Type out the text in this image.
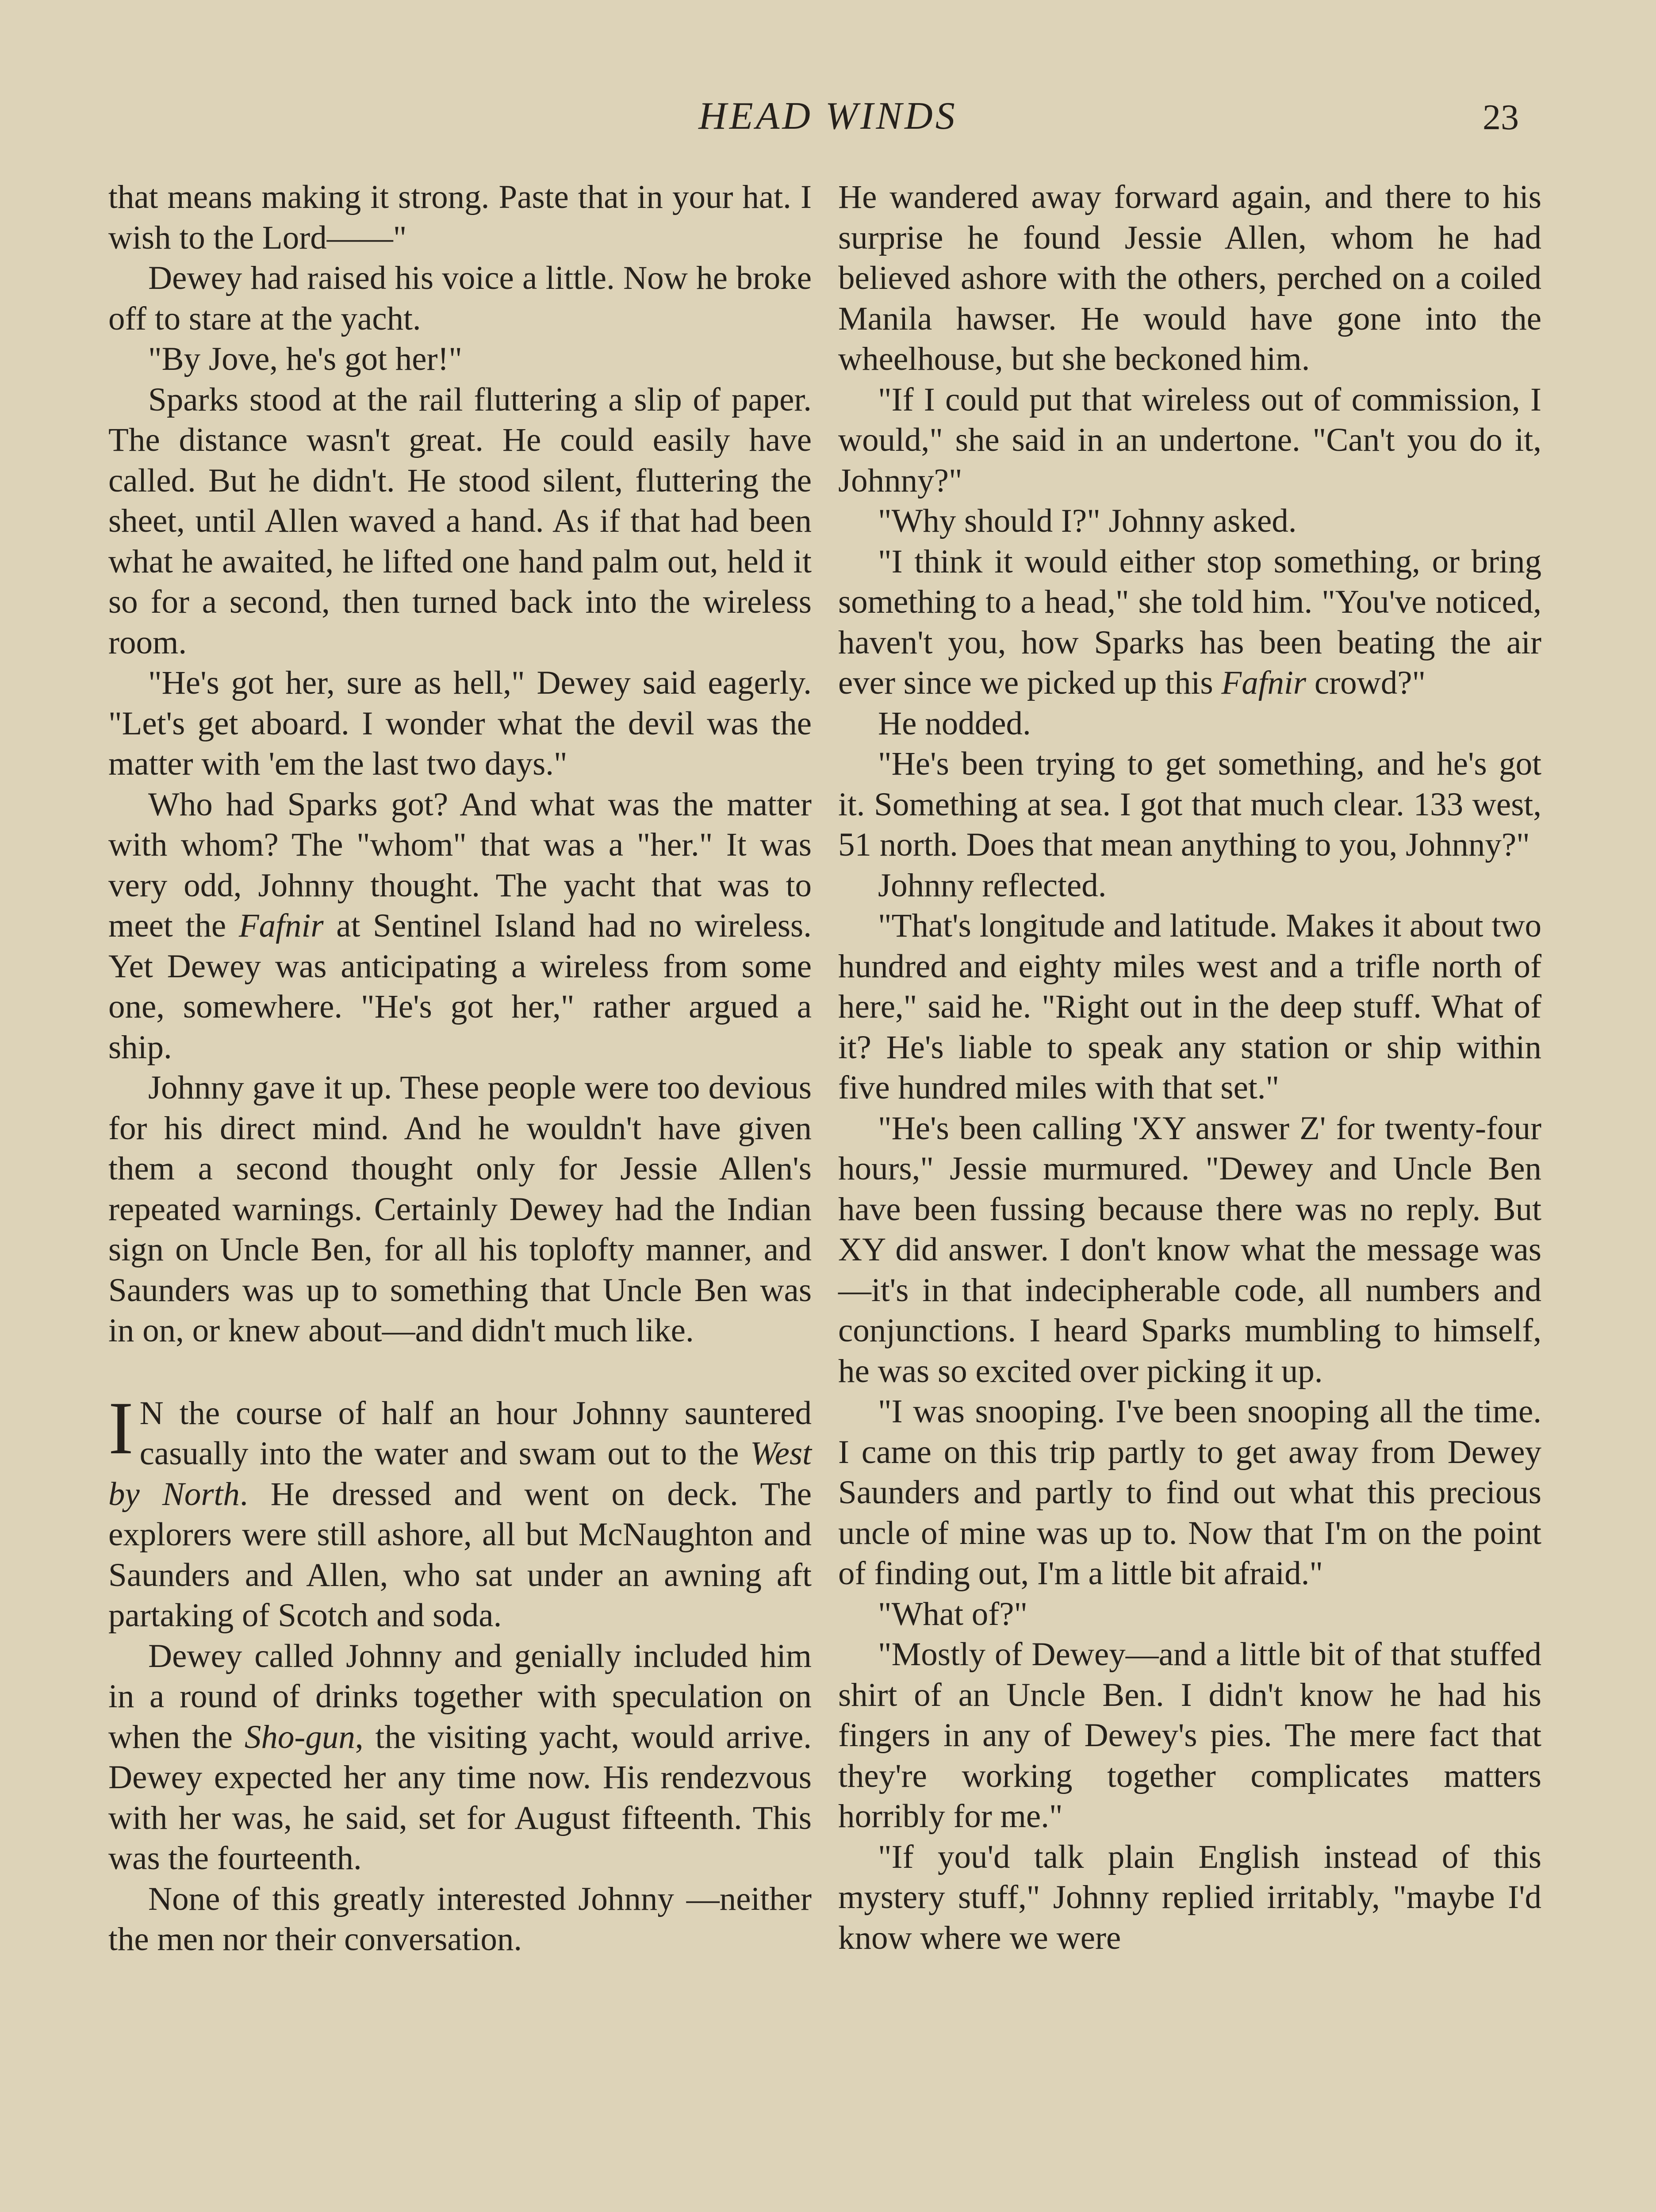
HEAD WINDS	23

that means making it strong. Paste that in your hat. I wish to the Lord——"

Dewey had raised his voice a little. Now he broke off to stare at the yacht.

"By Jove, he's got her!"

Sparks stood at the rail fluttering a slip of paper. The distance wasn't great. He could easily have called. But he didn't. He stood silent, fluttering the sheet, until Allen waved a hand. As if that had been what he awaited, he lifted one hand palm out, held it so for a second, then turned back into the wireless room.

"He's got her, sure as hell," Dewey said eagerly. "Let's get aboard. I wonder what the devil was the matter with 'em the last two days."

Who had Sparks got? And what was the matter with whom? The "whom" that was a "her." It was very odd, Johnny thought. The yacht that was to meet the Fafnir at Sentinel Island had no wireless. Yet Dewey was anticipating a wireless from some one, somewhere. "He's got her," rather argued a ship.

Johnny gave it up. These people were too devious for his direct mind. And he wouldn't have given them a second thought only for Jessie Allen's repeated warnings. Certainly Dewey had the Indian sign on Uncle Ben, for all his toplofty manner, and Saunders was up to something that Uncle Ben was in on, or knew about—and didn't much like.

I N the course of half an hour Johnny sauntered casually into the water and swam out to the West by North. He dressed and went on deck. The explorers were still ashore, all but McNaughton and Saunders and Allen, who sat under an awning aft partaking of Scotch and soda.

Dewey called Johnny and genially included him in a round of drinks together with speculation on when the Sho-gun, the visiting yacht, would arrive. Dewey expected her any time now. His rendezvous with her was, he said, set for August fifteenth. This was the fourteenth.

None of this greatly interested Johnny —neither the men nor their conversation.

He wandered away forward again, and there to his surprise he found Jessie Allen, whom he had believed ashore with the others, perched on a coiled Manila hawser. He would have gone into the wheelhouse, but she beckoned him.

"If I could put that wireless out of commission, I would," she said in an undertone. "Can't you do it, Johnny?"

"Why should I?" Johnny asked.

"I think it would either stop something, or bring something to a head," she told him. "You've noticed, haven't you, how Sparks has been beating the air ever since we picked up this Fafnir crowd?"

He nodded.

"He's been trying to get something, and he's got it. Something at sea. I got that much clear. 133 west, 51 north. Does that mean anything to you, Johnny?"

Johnny reflected.

"That's longitude and latitude. Makes it about two hundred and eighty miles west and a trifle north of here," said he. "Right out in the deep stuff. What of it? He's liable to speak any station or ship within five hundred miles with that set."

"He's been calling 'XY answer Z' for twenty-four hours," Jessie murmured. "Dewey and Uncle Ben have been fussing because there was no reply. But XY did answer. I don't know what the message was—it's in that indecipherable code, all numbers and conjunctions. I heard Sparks mumbling to himself, he was so excited over picking it up.

"I was snooping. I've been snooping all the time. I came on this trip partly to get away from Dewey Saunders and partly to find out what this precious uncle of mine was up to. Now that I'm on the point of finding out, I'm a little bit afraid."

"What of?"

"Mostly of Dewey—and a little bit of that stuffed shirt of an Uncle Ben. I didn't know he had his fingers in any of Dewey's pies. The mere fact that they're working together complicates matters horribly for me."

"If you'd talk plain English instead of this mystery stuff," Johnny replied irritably, "maybe I'd know where we were
